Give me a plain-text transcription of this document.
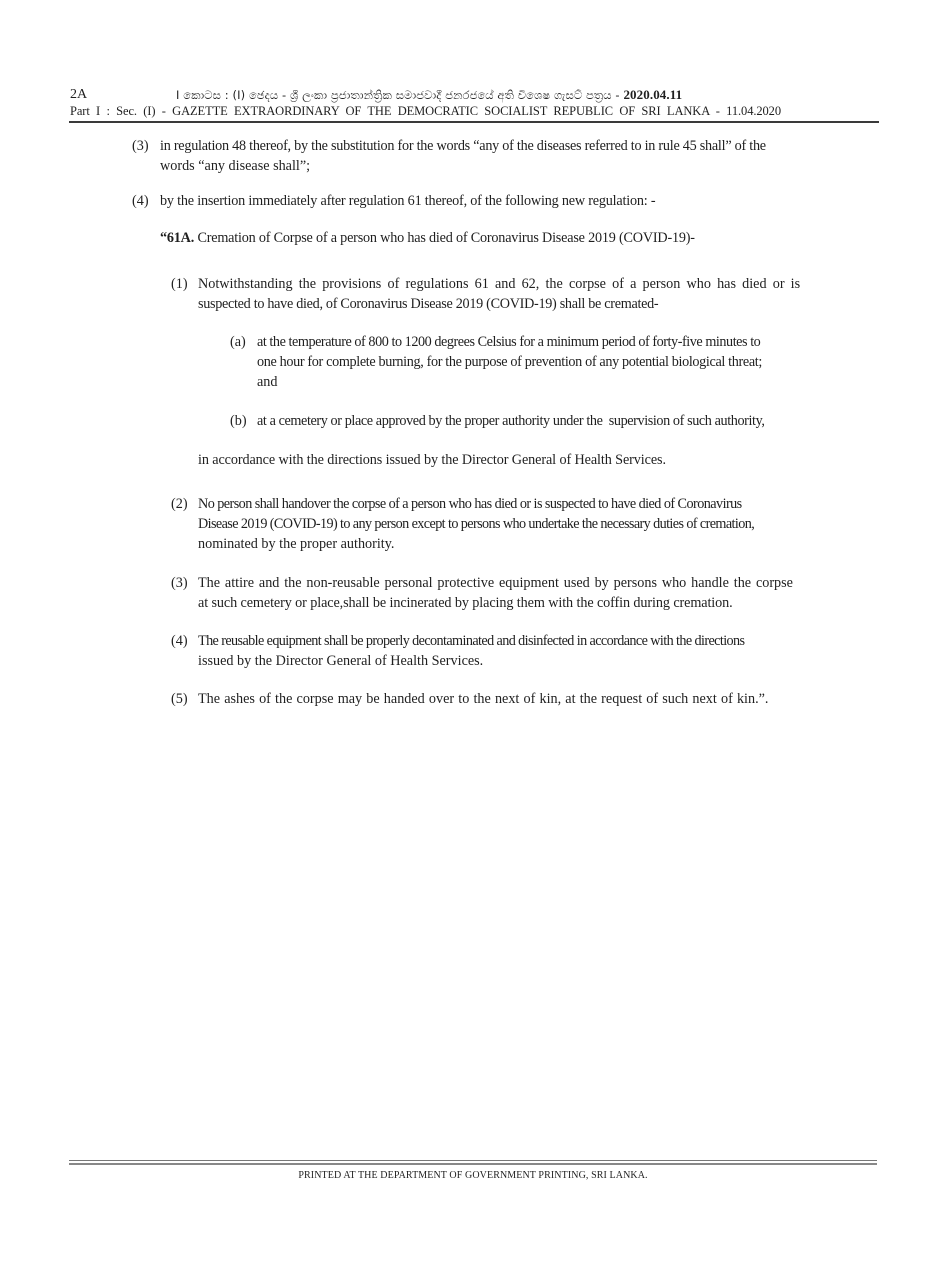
2A	I කොටස : (I) ඡෙදය - ශ්‍රී ලංකා ප්‍රජාතාන්ත්‍රික සමාජවාදී ජනරජයේ අති විශෙෂ ගැසට් පත්‍රය - 2020.04.11
Part I : Sec. (I) - GAZETTE EXTRAORDINARY OF THE DEMOCRATIC SOCIALIST REPUBLIC OF SRI LANKA - 11.04.2020
(3) in regulation 48 thereof, by the substitution for the words “any of the diseases referred to in rule 45 shall” of the
words “any disease shall”;
(4) by the insertion immediately after regulation 61 thereof, of the following new regulation: -
“61A. Cremation of Corpse of a person who has died of Coronavirus Disease 2019 (COVID-19)-
(1) Notwithstanding the provisions of regulations 61 and 62, the corpse of a person who has died or is
suspected to have died, of Coronavirus Disease 2019 (COVID-19) shall be cremated-
(a) at the temperature of 800 to 1200 degrees Celsius for a minimum period of forty-five minutes to
one hour for complete burning, for the purpose of prevention of any potential biological threat;
and
(b) at a cemetery or place approved by the proper authority under the  supervision of such authority,
in accordance with the directions issued by the Director General of Health Services.
(2) No person shall handover the corpse of a person who has died or is suspected to have died of Coronavirus
Disease 2019 (COVID-19) to any person except to persons who undertake the necessary duties of cremation,
nominated by the proper authority.
(3) The attire and the non-reusable personal protective equipment used by persons who handle the corpse
at such cemetery or place,shall be incinerated by placing them with the coffin during cremation.
(4) The reusable equipment shall be properly decontaminated and disinfected in accordance with the directions
issued by the Director General of Health Services.
(5) The ashes of the corpse may be handed over to the next of kin, at the request of such next of kin.”.
PRINTED AT THE DEPARTMENT OF GOVERNMENT PRINTING, SRI LANKA.
